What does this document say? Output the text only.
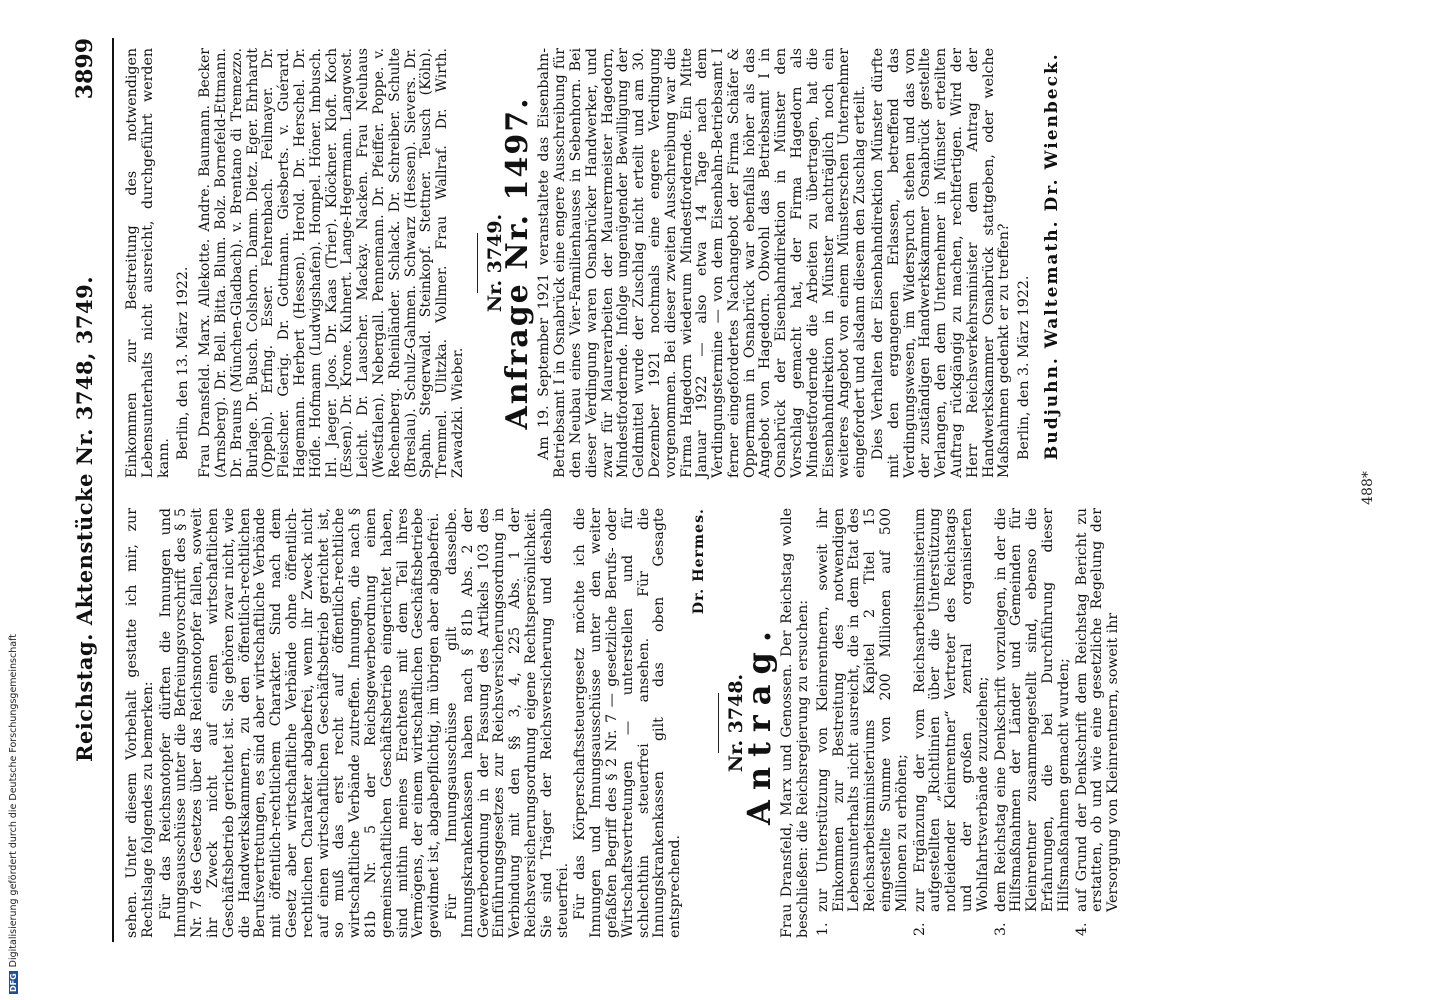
Reichstag. Aktenstücke Nr. 3748, 3749.
3899

sehen. Unter diesem Vorbehalt gestatte ich mir, zur Rechtslage folgendes zu bemerken: Für das Reichsnotopfer dürften die Innungen und Innungsausschüsse unter die Befreiungsvorschrift des § 5 Nr. 7 des Gesetzes über das Reichsnotopfer fallen, soweit ihr Zweck nicht auf einen wirtschaftlichen Geschäftsbetrieb gerichtet ist. Sie gehören zwar nicht, wie die Handwerkskammern, zu den öffentlich-rechtlichen Berufsvertretungen, es sind aber wirtschaftliche Verbände mit öffentlich-rechtlichem Charakter. Sind nach dem Gesetz aber wirtschaftliche Verbände ohne öffentlich-rechtlichen Charakter abgabefrei, wenn ihr Zweck nicht auf einen wirtschaftlichen Geschäftsbetrieb gerichtet ist, so muß das erst recht auf öffentlich-rechtliche wirtschaftliche Verbände zutreffen. Innungen, die nach § 81b Nr. 5 der Reichsgewerbeordnung einen gemeinschaftlichen Geschäftsbetrieb eingerichtet haben, sind mithin meines Erachtens mit dem Teil ihres Vermögens, der einem wirtschaftlichen Geschäftsbetriebe gewidmet ist, abgabepflichtig, im übrigen aber abgabefrei. Für Innungsausschüsse gilt dasselbe. Innungskrankenkassen haben nach § 81b Abs. 2 der Gewerbeordnung in der Fassung des Artikels 103 des Einführungsgesetzes zur Reichsversicherungsordnung in Verbindung mit den §§ 3, 4, 225 Abs. 1 der Reichsversicherungsordnung eigene Rechtspersönlichkeit. Sie sind Träger der Reichsversicherung und deshalb steuerfrei. Für das Körperschaftssteuergesetz möchte ich die Innungen und Innungsausschüsse unter den weiter gefaßten Begriff des § 2 Nr. 7 — gesetzliche Berufs- oder Wirtschaftsvertretungen — unterstellen und für schlechthin steuerfrei ansehen. Für die Innungskrankenkassen gilt das oben Gesagte entsprechend.

Dr. Hermes.
Nr. 3748.
Antrag. Frau Dransfeld, Marx und Genossen. Der Reichstag wolle beschließen: die Reichsregierung zu ersuchen: 1.
zur Unterstützung von Kleinrentnern, soweit ihr Einkommen zur Bestreitung des notwendigen Lebensunterhalts nicht ausreicht, die in dem Etat des Reichsarbeitsministeriums Kapitel 2 Titel 15 eingestellte Summe von 200 Millionen auf 500 Millionen zu erhöhen;
2.
zur Ergänzung der vom Reichsarbeitsministerium aufgestellten „Richtlinien über die Unterstützung notleidender Kleinrentner“ Vertreter des Reichstags und der großen zentral organisierten Wohlfahrtsverbände zuzuziehen;
3.
dem Reichstag eine Denkschrift vorzulegen, in der die Hilfsmaßnahmen der Länder und Gemeinden für Kleinrentner zusammengestellt sind, ebenso die Erfahrungen, die bei Durchführung dieser Hilfsmaßnahmen gemacht wurden;
4.
auf Grund der Denkschrift dem Reichstag Bericht zu erstatten, ob und wie eine gesetzliche Regelung der Versorgung von Kleinrentnern, soweit ihr

Einkommen zur Bestreitung des notwendigen Lebensunterhalts nicht ausreicht, durchgeführt werden kann. Berlin, den 13. März 1922. Frau Dransfeld. Marx. Allekotte. Andre. Baumann. Becker (Arnsberg). Dr. Bell. Bitta. Blum. Bolz. Bornefeld-Ettmann. Dr. Brauns (München-Gladbach). v. Brentano di Tremezzo. Burlage. Dr. Busch. Colshorn. Damm. Dietz. Eger. Ehrhardt (Oppeln). Erfing. Esser. Fehrenbach. Feilmayer. Dr. Fleischer. Gerig. Dr. Gottmann. Giesberts. v. Guérard. Hagemann. Herbert (Hessen). Herold. Dr. Herschel. Dr. Höfle. Hofmann (Ludwigshafen). Hompel. Höner. Imbusch. Irl. Jaeger. Joos. Dr. Kaas (Trier). Klöckner. Kloft. Koch (Essen). Dr. Krone. Kuhnert. Lange-Hegermann. Langwost. Leicht. Dr. Lauscher. Mackay. Nacken. Frau Neuhaus (Westfalen). Nebergall. Pennemann. Dr. Pfeiffer. Poppe. v. Rechenberg. Rheinländer. Schlack. Dr. Schreiber. Schulte (Breslau). Schulz-Gahmen. Schwarz (Hessen). Sievers. Dr. Spahn. Stegerwald. Steinkopf. Stettner. Teusch (Köln). Tremmel. Ulitzka. Vollmer. Frau Wallraf. Dr. Wirth. Zawadzki. Wieber.

Nr. 3749.
Anfrage Nr. 1497. Am 19. September 1921 veranstaltete das Eisenbahn-Betriebsamt I in Osnabrück eine engere Ausschreibung für den Neubau eines Vier-Familienhauses in Sebenhorn. Bei dieser Verdingung waren Osnabrücker Handwerker, und zwar für Maurerarbeiten der Maurermeister Hagedorn, Mindestfordernde. Infolge ungenügender Bewilligung der Geldmittel wurde der Zuschlag nicht erteilt und am 30. Dezember 1921 nochmals eine engere Verdingung vorgenommen. Bei dieser zweiten Ausschreibung war die Firma Hagedorn wiederum Mindestfordernde. Ein Mitte Januar 1922 — also etwa 14 Tage nach dem Verdingungstermine — von dem Eisenbahn-Betriebsamt I ferner eingefordertes Nachangebot der Firma Schäfer & Oppermann in Osnabrück war ebenfalls höher als das Angebot von Hagedorn. Obwohl das Betriebsamt I in Osnabrück der Eisenbahndirektion in Münster den Vorschlag gemacht hat, der Firma Hagedorn als Mindestfordernde die Arbeiten zu übertragen, hat die Eisenbahndirektion in Münster nachträglich noch ein weiteres Angebot von einem Münsterschen Unternehmer eingefordert und alsdann diesem den Zuschlag erteilt. Dies Verhalten der Eisenbahndirektion Münster dürfte mit den ergangenen Erlassen, betreffend das Verdingungswesen, im Widerspruch stehen und das von der zuständigen Handwerkskammer Osnabrück gestellte Verlangen, den dem Unternehmer in Münster erteilten Auftrag rückgängig zu machen, rechtfertigen. Wird der Herr Reichsverkehrsminister dem Antrag der Handwerkskammer Osnabrück stattgeben, oder welche Maßnahmen gedenkt er zu treffen? Berlin, den 3. März 1922. Budjuhn. Waltemath. Dr. Wienbeck.
488*
DFGDigitalisierung gefördert durch die Deutsche Forschungsgemeinschaft
